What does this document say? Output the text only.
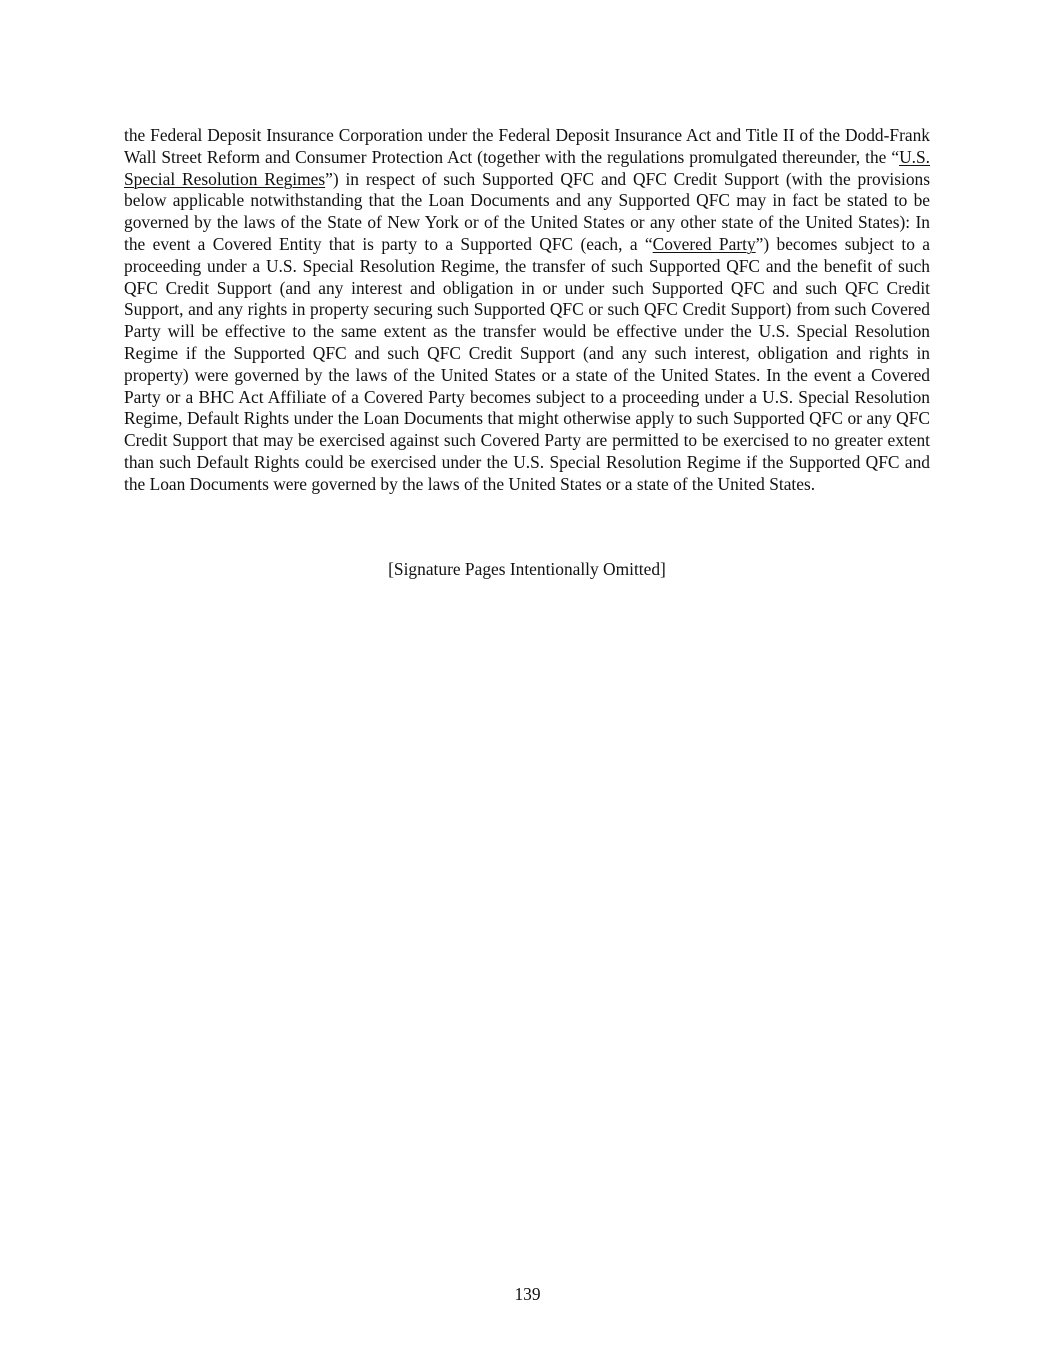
the Federal Deposit Insurance Corporation under the Federal Deposit Insurance Act and Title II of the Dodd-Frank Wall Street Reform and Consumer Protection Act (together with the regulations promulgated thereunder, the “U.S. Special Resolution Regimes”) in respect of such Supported QFC and QFC Credit Support (with the provisions below applicable notwithstanding that the Loan Documents and any Supported QFC may in fact be stated to be governed by the laws of the State of New York or of the United States or any other state of the United States): In the event a Covered Entity that is party to a Supported QFC (each, a “Covered Party”) becomes subject to a proceeding under a U.S. Special Resolution Regime, the transfer of such Supported QFC and the benefit of such QFC Credit Support (and any interest and obligation in or under such Supported QFC and such QFC Credit Support, and any rights in property securing such Supported QFC or such QFC Credit Support) from such Covered Party will be effective to the same extent as the transfer would be effective under the U.S. Special Resolution Regime if the Supported QFC and such QFC Credit Support (and any such interest, obligation and rights in property) were governed by the laws of the United States or a state of the United States. In the event a Covered Party or a BHC Act Affiliate of a Covered Party becomes subject to a proceeding under a U.S. Special Resolution Regime, Default Rights under the Loan Documents that might otherwise apply to such Supported QFC or any QFC Credit Support that may be exercised against such Covered Party are permitted to be exercised to no greater extent than such Default Rights could be exercised under the U.S. Special Resolution Regime if the Supported QFC and the Loan Documents were governed by the laws of the United States or a state of the United States.

[Signature Pages Intentionally Omitted]

139
